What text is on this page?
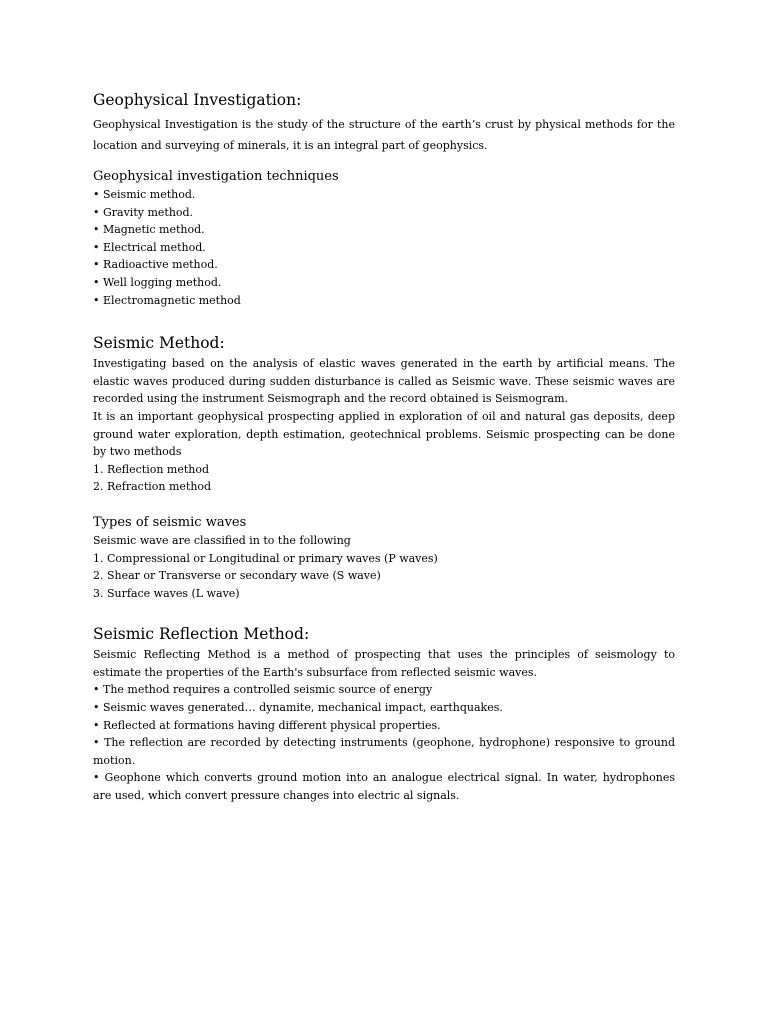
Geophysical Investigation:

Geophysical Investigation is the study of the structure of the earth’s crust by physical methods for the location and surveying of minerals, it is an integral part of geophysics.

Geophysical investigation techniques
• Seismic method.
• Gravity method.
• Magnetic method.
• Electrical method.
• Radioactive method.
• Well logging method.
• Electromagnetic method
Seismic Method:

Investigating based on the analysis of elastic waves generated in the earth by artificial means. The elastic waves produced during sudden disturbance is called as Seismic wave. These seismic waves are recorded using the instrument Seismograph and the record obtained is Seismogram.

It is an important geophysical prospecting applied in exploration of oil and natural gas deposits, deep ground water exploration, depth estimation, geotechnical problems. Seismic prospecting can be done by two methods

1. Reflection method
2. Refraction method
Types of seismic waves
Seismic wave are classified in to the following
1. Compressional or Longitudinal or primary waves (P waves)
2. Shear or Transverse or secondary wave (S wave)
3. Surface waves (L wave)
Seismic Reflection Method:

Seismic Reflecting Method is a method of prospecting that uses the principles of seismology to estimate the properties of the Earth's subsurface from reflected seismic waves.

• The method requires a controlled seismic source of energy

• Seismic waves generated… dynamite, mechanical impact, earthquakes.

• Reflected at formations having different physical properties.

• The reflection are recorded by detecting instruments (geophone, hydrophone) responsive to ground motion.

• Geophone which converts ground motion into an analogue electrical signal. In water, hydrophones are used, which convert pressure changes into electric al signals.
